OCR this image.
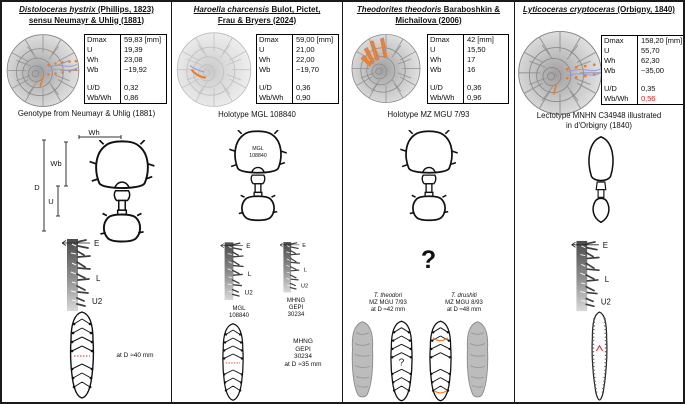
Distoloceras hystrix (Phillips, 1823)
sensu Neumayr & Uhlig (1881)
Dmax	59,83 [mm]
U	19,39
Wh	23,08
Wb	~19,92
U/D	0,32
Wb/Wh	0,86
Genotype from Neumayr & Uhlig (1881)
Wh
D
U
Wb
E
L
U2
at D ≈40 mm
Haroella charcensis Bulot, Pictet,
Frau & Bryers (2024)
Dmax	59,00 [mm]
U	21,00
Wh	22,00
Wb	~19,70
U/D	0,36
Wb/Wh	0,90
Holotype MGL 108840
MGL
108840
E
L
U2
MGL
108840
E
L
U2
MHNG
GEPI
30234
MHNG
GEPI
30234
at D ≈35 mm
Theodorites theodoris Baraboshkin &
Michailova (2006)
Dmax	42 [mm]
U	15,50
Wh	17
Wb	16
U/D	0,36
Wb/Wh	0,96
Holotype MZ MGU 7/93
?
T. theodori
MZ MGU 7/93
at D ≈42 mm
T. drushiti
MZ MGU 8/93
at D ≈48 mm
?
Lyticoceras cryptoceras (Orbigny, 1840)
Dmax	158,20 [mm]
U	55,70
Wh	62,30
Wb	~35,00
U/D	0,35
Wb/Wh	0,56
Lectotype MNHN C34948 illustrated
in d'Orbigny (1840)
E
L
U2
